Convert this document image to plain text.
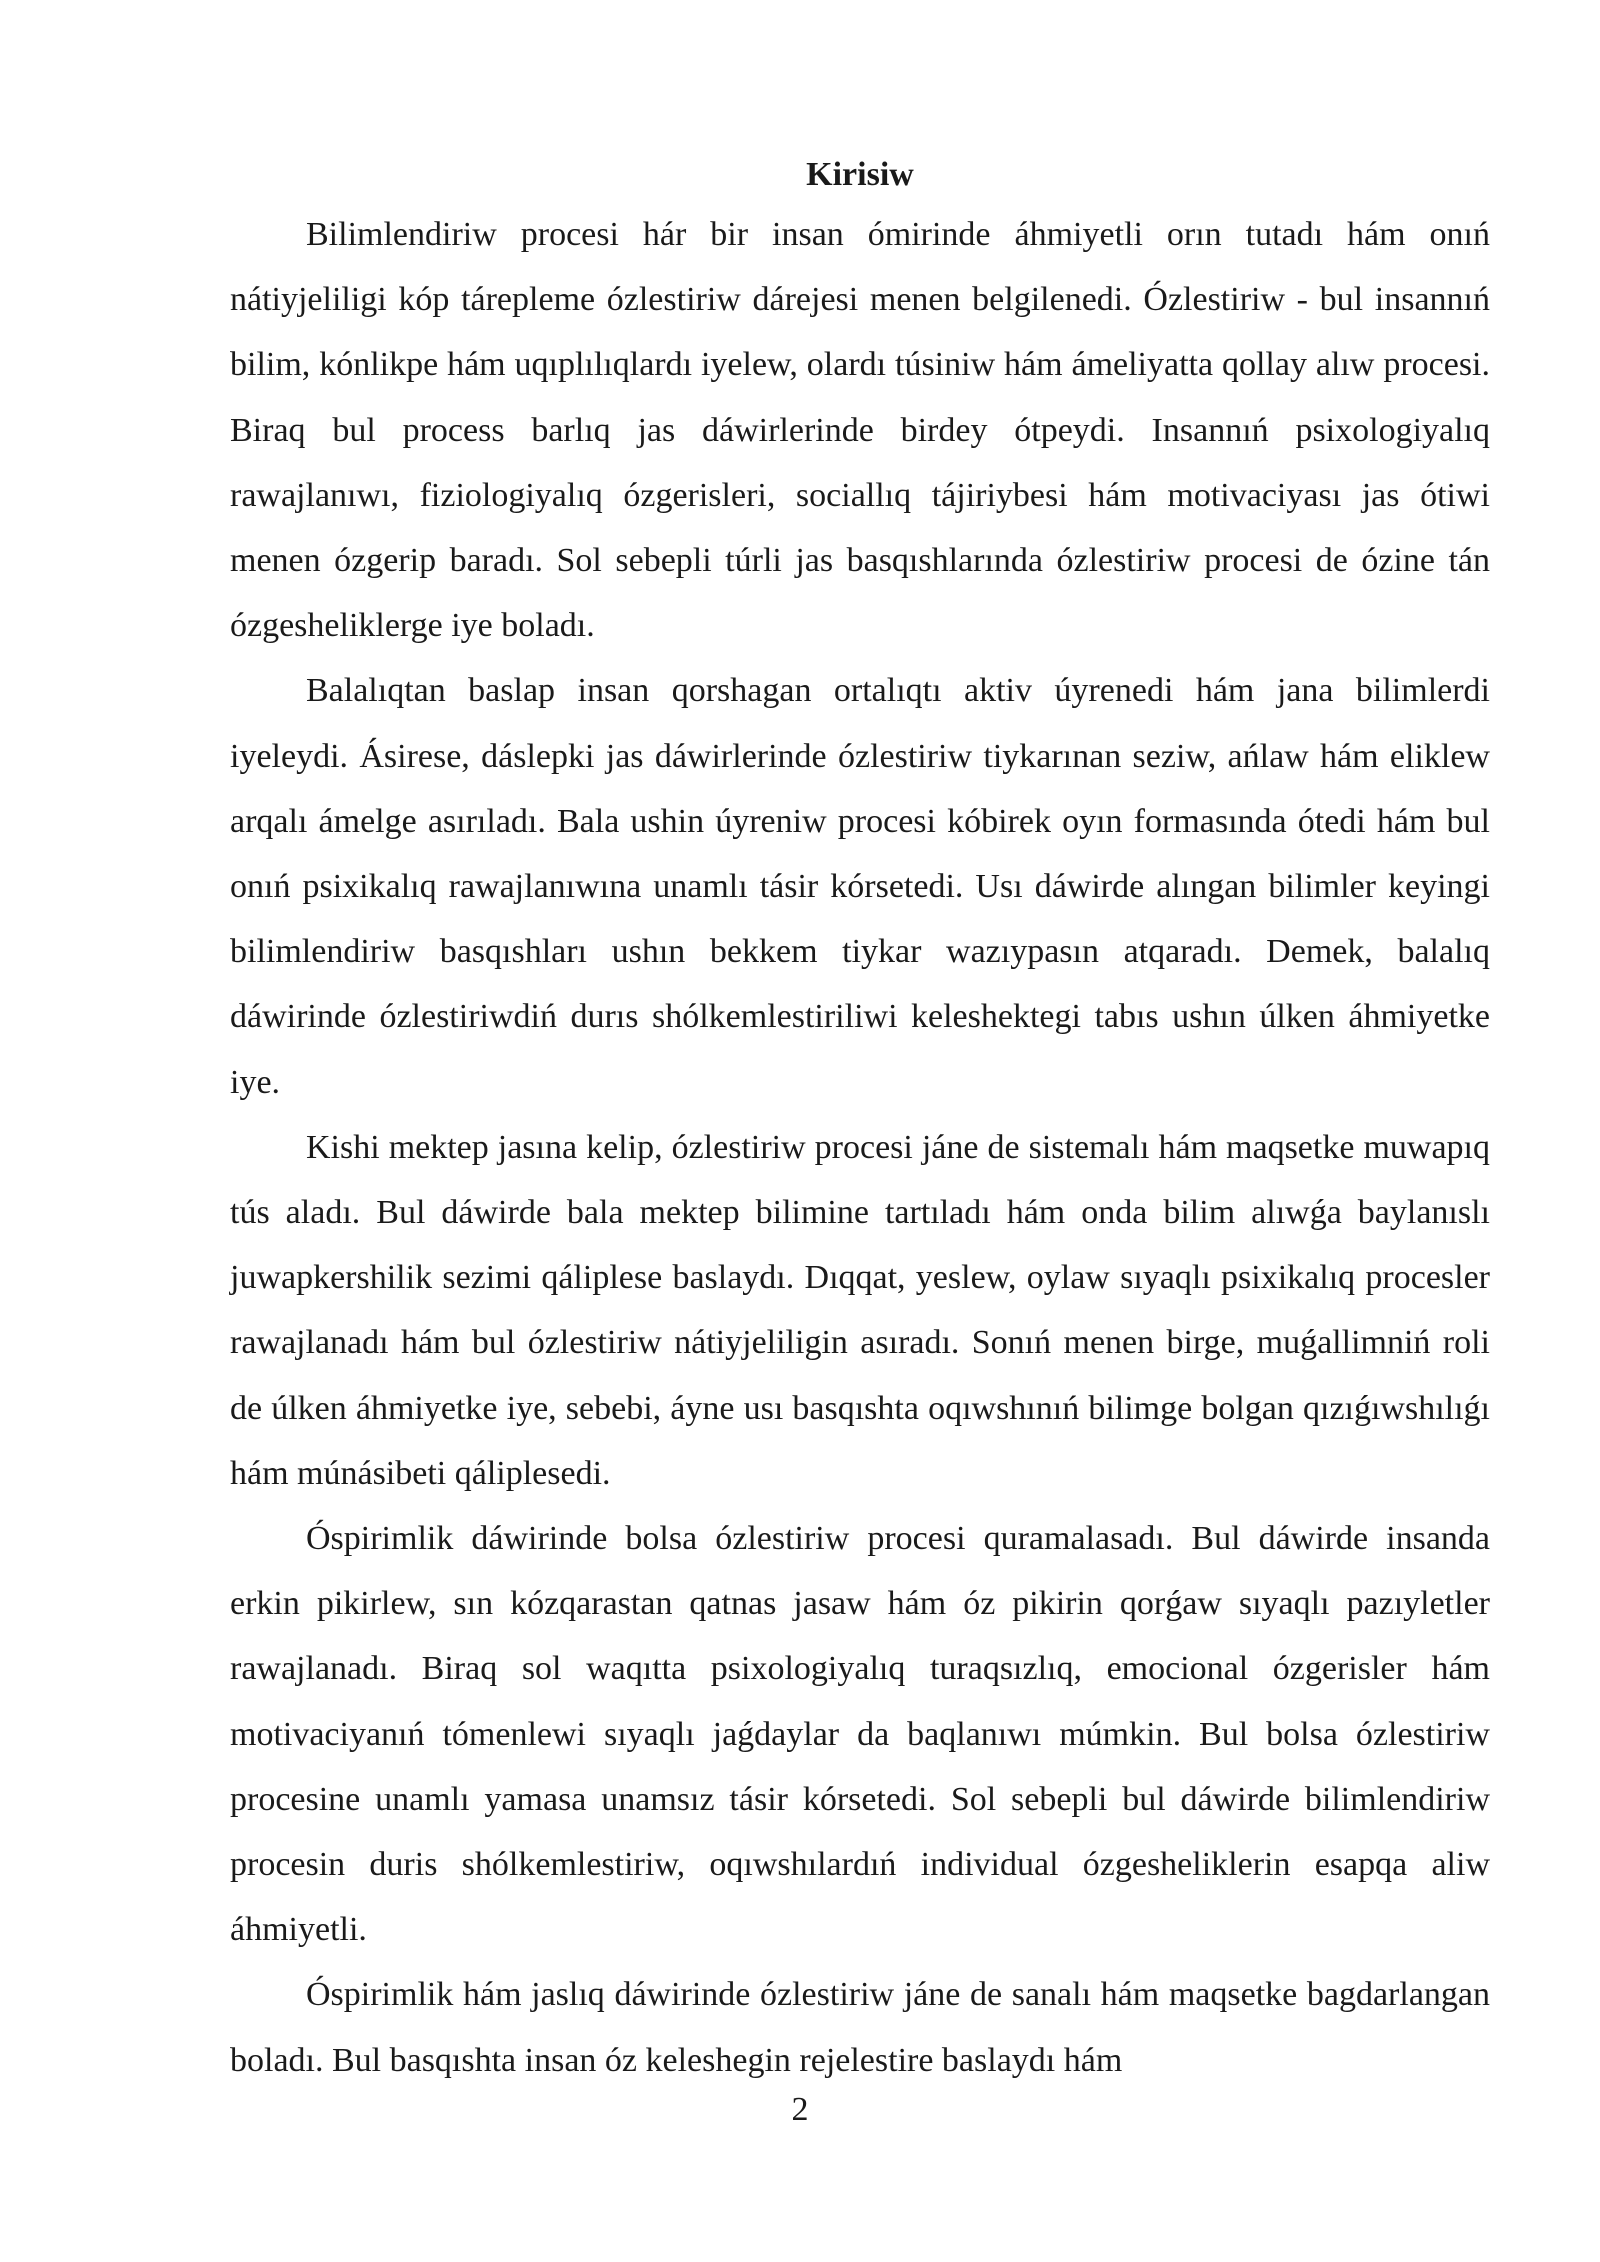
Kirisiw

Bilimlendiriw procesi hár bir insan ómirinde áhmiyetli orın tutadı hám onıń nátiyjeliligi kóp tárepleme ózlestiriw dárejesi menen belgilenedi. Ózlestiriw - bul insannıń bilim, kónlikpe hám uqıplılıqlardı iyelew, olardı túsiniw hám ámeliyatta qollay alıw procesi. Biraq bul process barlıq jas dáwirlerinde birdey ótpeydi. Insannıń psixologiyalıq rawajlanıwı, fiziologiyalıq ózgerisleri, sociallıq tájiriybesi hám motivaciyası jas ótiwi menen ózgerip baradı. Sol sebepli túrli jas basqıshlarında ózlestiriw procesi de ózine tán ózgesheliklerge iye boladı.

Balalıqtan baslap insan qorshagan ortalıqtı aktiv úyrenedi hám jana bilimlerdi iyeleydi. Ásirese, dáslepki jas dáwirlerinde ózlestiriw tiykarınan seziw, ańlaw hám eliklew arqalı ámelge asırıladı. Bala ushin úyreniw procesi kóbirek oyın formasında ótedi hám bul onıń psixikalıq rawajlanıwına unamlı tásir kórsetedi. Usı dáwirde alıngan bilimler keyingi bilimlendiriw basqıshları ushın bekkem tiykar wazıypasın atqaradı. Demek, balalıq dáwirinde ózlestiriwdiń durıs shólkemlestiriliwi keleshektegi tabıs ushın úlken áhmiyetke iye.

Kishi mektep jasına kelip, ózlestiriw procesi jáne de sistemalı hám maqsetke muwapıq tús aladı. Bul dáwirde bala mektep bilimine tartıladı hám onda bilim alıwǵa baylanıslı juwapkershilik sezimi qáliplese baslaydı. Dıqqat, yeslew, oylaw sıyaqlı psixikalıq procesler rawajlanadı hám bul ózlestiriw nátiyjeliligin asıradı. Sonıń menen birge, muǵallimniń roli de úlken áhmiyetke iye, sebebi, áyne usı basqıshta oqıwshınıń bilimge bolgan qızıǵıwshılıǵı hám múnásibeti qáliplesedi.

Óspirimlik dáwirinde bolsa ózlestiriw procesi quramalasadı. Bul dáwirde insanda erkin pikirlew, sın kózqarastan qatnas jasaw hám óz pikirin qorǵaw sıyaqlı pazıyletler rawajlanadı. Biraq sol waqıtta psixologiyalıq turaqsızlıq, emocional ózgerisler hám motivaciyanıń tómenlewi sıyaqlı jaǵdaylar da baqlanıwı múmkin. Bul bolsa ózlestiriw procesine unamlı yamasa unamsız tásir kórsetedi. Sol sebepli bul dáwirde bilimlendiriw procesin duris shólkemlestiriw, oqıwshılardıń individual ózgesheliklerin esapqa aliw áhmiyetli.

Óspirimlik hám jaslıq dáwirinde ózlestiriw jáne de sanalı hám maqsetke bagdarlangan boladı. Bul basqıshta insan óz keleshegin rejelestire baslaydı hám

2
